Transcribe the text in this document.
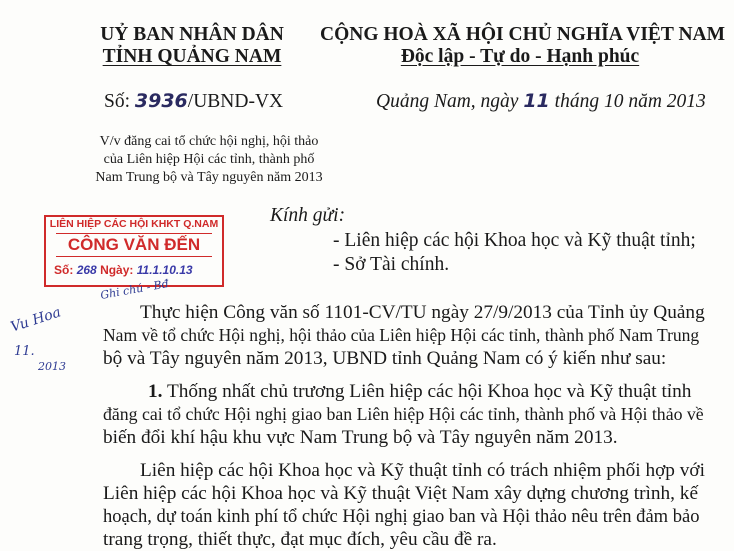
UỶ BAN NHÂN DÂN
TỈNH QUẢNG NAM
CỘNG HOÀ XÃ HỘI CHỦ NGHĨA VIỆT NAM
Độc lập - Tự do - Hạnh phúc
Số: 3936/UBND-VX	Quảng Nam, ngày 11 tháng 10 năm 2013
V/v đăng cai tổ chức hội nghị, hội thảo
của Liên hiệp Hội các tỉnh, thành phố
Nam Trung bộ và Tây nguyên năm 2013
LIÊN HIỆP CÁC HỘI KHKT Q.NAM
CÔNG VĂN ĐẾN
Số: 268 Ngày: 11.1.10.13
Kính gửi:
- Liên hiệp các hội Khoa học và Kỹ thuật tỉnh;
- Sở Tài chính.
Ghi chú - Bđ
Vu Hoa
11.
2013
Thực hiện Công văn số 1101-CV/TU ngày 27/9/2013 của Tỉnh ủy Quảng
Nam về tổ chức Hội nghị, hội thảo của Liên hiệp Hội các tỉnh, thành phố Nam Trung
bộ và Tây nguyên năm 2013, UBND tỉnh Quảng Nam có ý kiến như sau:
1. Thống nhất chủ trương Liên hiệp các hội Khoa học và Kỹ thuật tỉnh
đăng cai tổ chức Hội nghị giao ban Liên hiệp Hội các tỉnh, thành phố và Hội thảo về
biến đổi khí hậu khu vực Nam Trung bộ và Tây nguyên năm 2013.
Liên hiệp các hội Khoa học và Kỹ thuật tỉnh có trách nhiệm phối hợp với
Liên hiệp các hội Khoa học và Kỹ thuật Việt Nam xây dựng chương trình, kế
hoạch, dự toán kinh phí tổ chức Hội nghị giao ban và Hội thảo nêu trên đảm bảo
trang trọng, thiết thực, đạt mục đích, yêu cầu đề ra.
